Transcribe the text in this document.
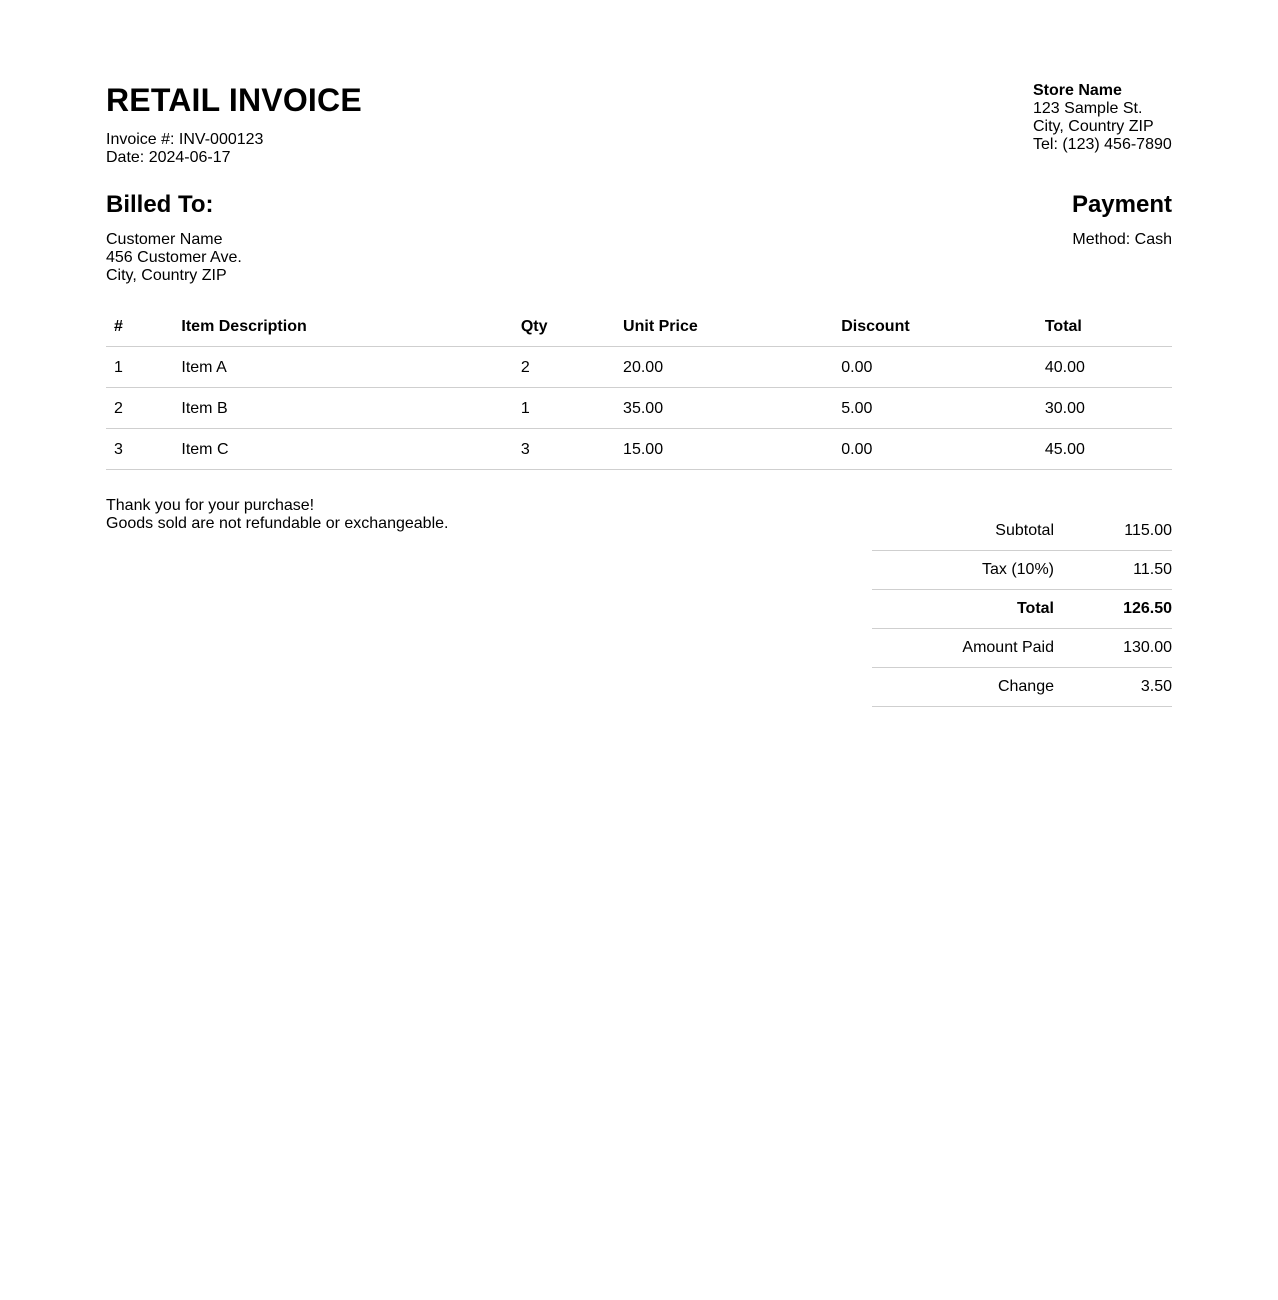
RETAIL INVOICE
Invoice #: INV-000123
Date: 2024-06-17
Store Name
123 Sample St.
City, Country ZIP
Tel: (123) 456-7890
Billed To:
Customer Name
456 Customer Ave.
City, Country ZIP
Payment
Method: Cash
#	Item Description	Qty	Unit Price	Discount	Total
1	Item A	2	20.00	0.00	40.00
2	Item B	1	35.00	5.00	30.00
3	Item C	3	15.00	0.00	45.00
Thank you for your purchase!
Goods sold are not refundable or exchangeable.	Subtotal	115.00
Tax (10%)	11.50
Total	126.50
Amount Paid	130.00
Change	3.50
